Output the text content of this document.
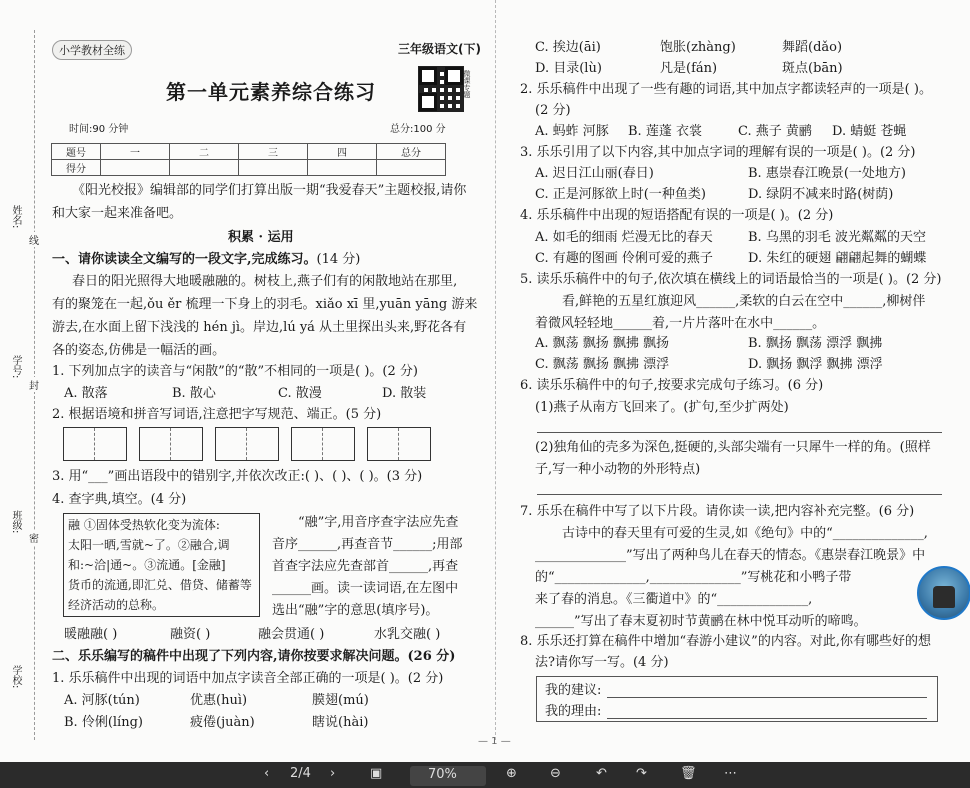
姓名:
线
学号:
封
班级:
密
学校:
小学教材全练	三年级语文(下)
第一单元素养综合练习	微课专题
时间:90 分钟	总分:100 分
题号	一	二	三	四	总分
得分					
《阳光校报》编辑部的同学们打算出版一期“我爱春天”主题校报,请你
和大家一起来准备吧。
积累 · 运用
一、请你读读全文编写的一段文字,完成练习。(14 分)
春日的阳光照得大地暖融融的。树枝上,燕子们有的闲散地站在那里,
有的聚笼在一起,ǒu ěr 梳理一下身上的羽毛。xiǎo xī 里,yuān yāng 游来
游去,在水面上留下浅浅的 hén jì。岸边,lú yá 从土里探出头来,野花各有
各的姿态,仿佛是一幅活的画。
1. 下列加点字的读音与“闲散”的“散”不相同的一项是( )。(2 分)
A. 散落	B. 散心	C. 散漫	D. 散装
2. 根据语境和拼音写词语,注意把字写规范、端正。(5 分)
3. 用“___”画出语段中的错别字,并依次改正:( )、( )、( )。(3 分)
4. 查字典,填空。(4 分)
融 ①固体受热软化变为流体:
太阳一晒,雪就~了。②融合,调
和:~洽|通~。③流通。[金融]
货币的流通,即汇兑、借贷、储蓄等
经济活动的总称。
“融”字,用音序查字法应先查
音序______,再查音节______;用部
首查字法应先查部首______,再查
______画。读一读词语,在左图中
选出“融”字的意思(填序号)。
暖融融( )	融资( )	融会贯通( )	水乳交融( )
二、乐乐编写的稿件中出现了下列内容,请你按要求解决问题。(26 分)
1. 乐乐稿件中出现的词语中加点字读音全部正确的一项是( )。(2 分)
A. 河豚(tún)	优惠(huì)	膜翅(mú)
B. 伶俐(líng)	疲倦(juàn)	瞎说(hài)
C. 挨边(āi)	饱胀(zhàng)	舞蹈(dǎo)
D. 目录(lù)	凡是(fán)	斑点(bān)
2. 乐乐稿件中出现了一些有趣的词语,其中加点字都读轻声的一项是( )。
(2 分)
A. 蚂蚱 河豚 B. 莲蓬 衣裳	C. 燕子 黄鹂 D. 蜻蜓 苍蝇
3. 乐乐引用了以下内容,其中加点字词的理解有误的一项是( )。(2 分)
A. 迟日江山丽(春日)	B. 惠崇春江晚景(一处地方)
C. 正是河豚欲上时(一种鱼类)	D. 绿阴不减来时路(树荫)
4. 乐乐稿件中出现的短语搭配有误的一项是( )。(2 分)
A. 如毛的细雨 烂漫无比的春天	B. 乌黑的羽毛 波光粼粼的天空
C. 有趣的图画 伶俐可爱的燕子	D. 朱红的硬翅 翩翩起舞的蝴蝶
5. 读乐乐稿件中的句子,依次填在横线上的词语最恰当的一项是( )。(2 分)
看,鲜艳的五星红旗迎风______,柔软的白云在空中______,柳树伴
着微风轻轻地______着,一片片落叶在水中______。
A. 飘荡 飘扬 飘拂 飘扬	B. 飘扬 飘荡 漂浮 飘拂
C. 飘荡 飘扬 飘拂 漂浮	D. 飘扬 飘浮 飘拂 漂浮
6. 读乐乐稿件中的句子,按要求完成句子练习。(6 分)
(1)燕子从南方飞回来了。(扩句,至少扩两处)
(2)独角仙的壳多为深色,挺硬的,头部尖端有一只犀牛一样的角。(照样
子,写一种小动物的外形特点)
7. 乐乐在稿件中写了以下片段。请你读一读,把内容补充完整。(6 分)
古诗中的春天里有可爱的生灵,如《绝句》中的“______________,
______________”写出了两种鸟儿在春天的情态。《惠崇春江晚景》中
的“______________,______________”写桃花和小鸭子带
来了春的消息。《三衢道中》的“______________,
______”写出了春末夏初时节黄鹂在林中悦耳动听的啼鸣。
8. 乐乐还打算在稿件中增加“春游小建议”的内容。对此,你有哪些好的想
法?请你写一写。(4 分)
我的建议:
我的理由:
— 1 —
‹ 2/4 ›	▣	70%	⊕	⊖	↶ ↷	🗑 ⋯
